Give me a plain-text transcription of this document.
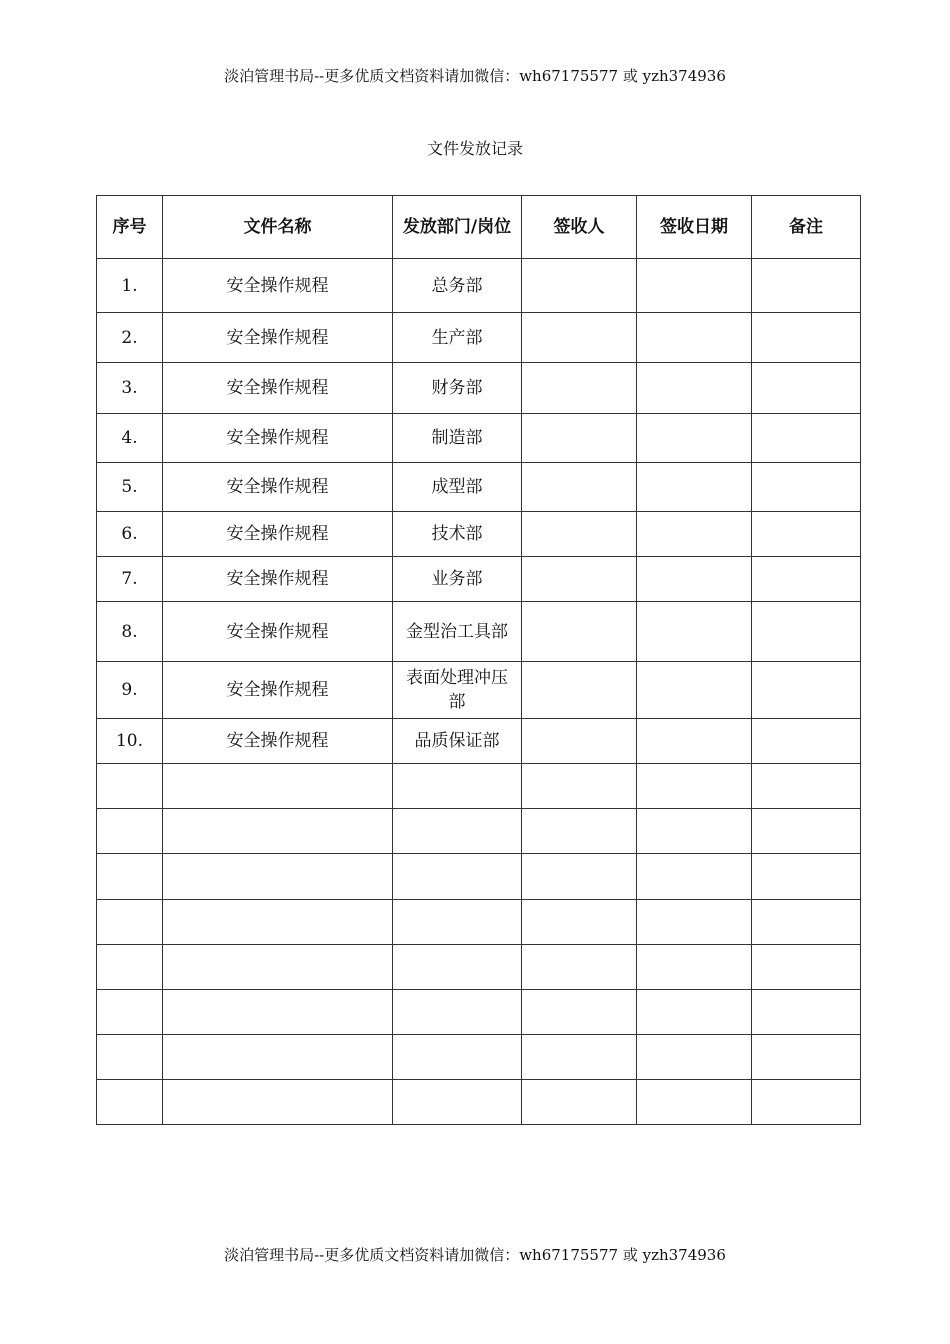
淡泊管理书局--更多优质文档资料请加微信：wh67175577 或 yzh374936
文件发放记录
序号	文件名称	发放部门/岗位	签收人	签收日期	备注
1.	安全操作规程	总务部			
2.	安全操作规程	生产部			
3.	安全操作规程	财务部			
4.	安全操作规程	制造部			
5.	安全操作规程	成型部			
6.	安全操作规程	技术部			
7.	安全操作规程	业务部			
8.	安全操作规程	金型治工具部			
9.	安全操作规程	表面处理冲压部			
10.	安全操作规程	品质保证部			

淡泊管理书局--更多优质文档资料请加微信：wh67175577 或 yzh374936
